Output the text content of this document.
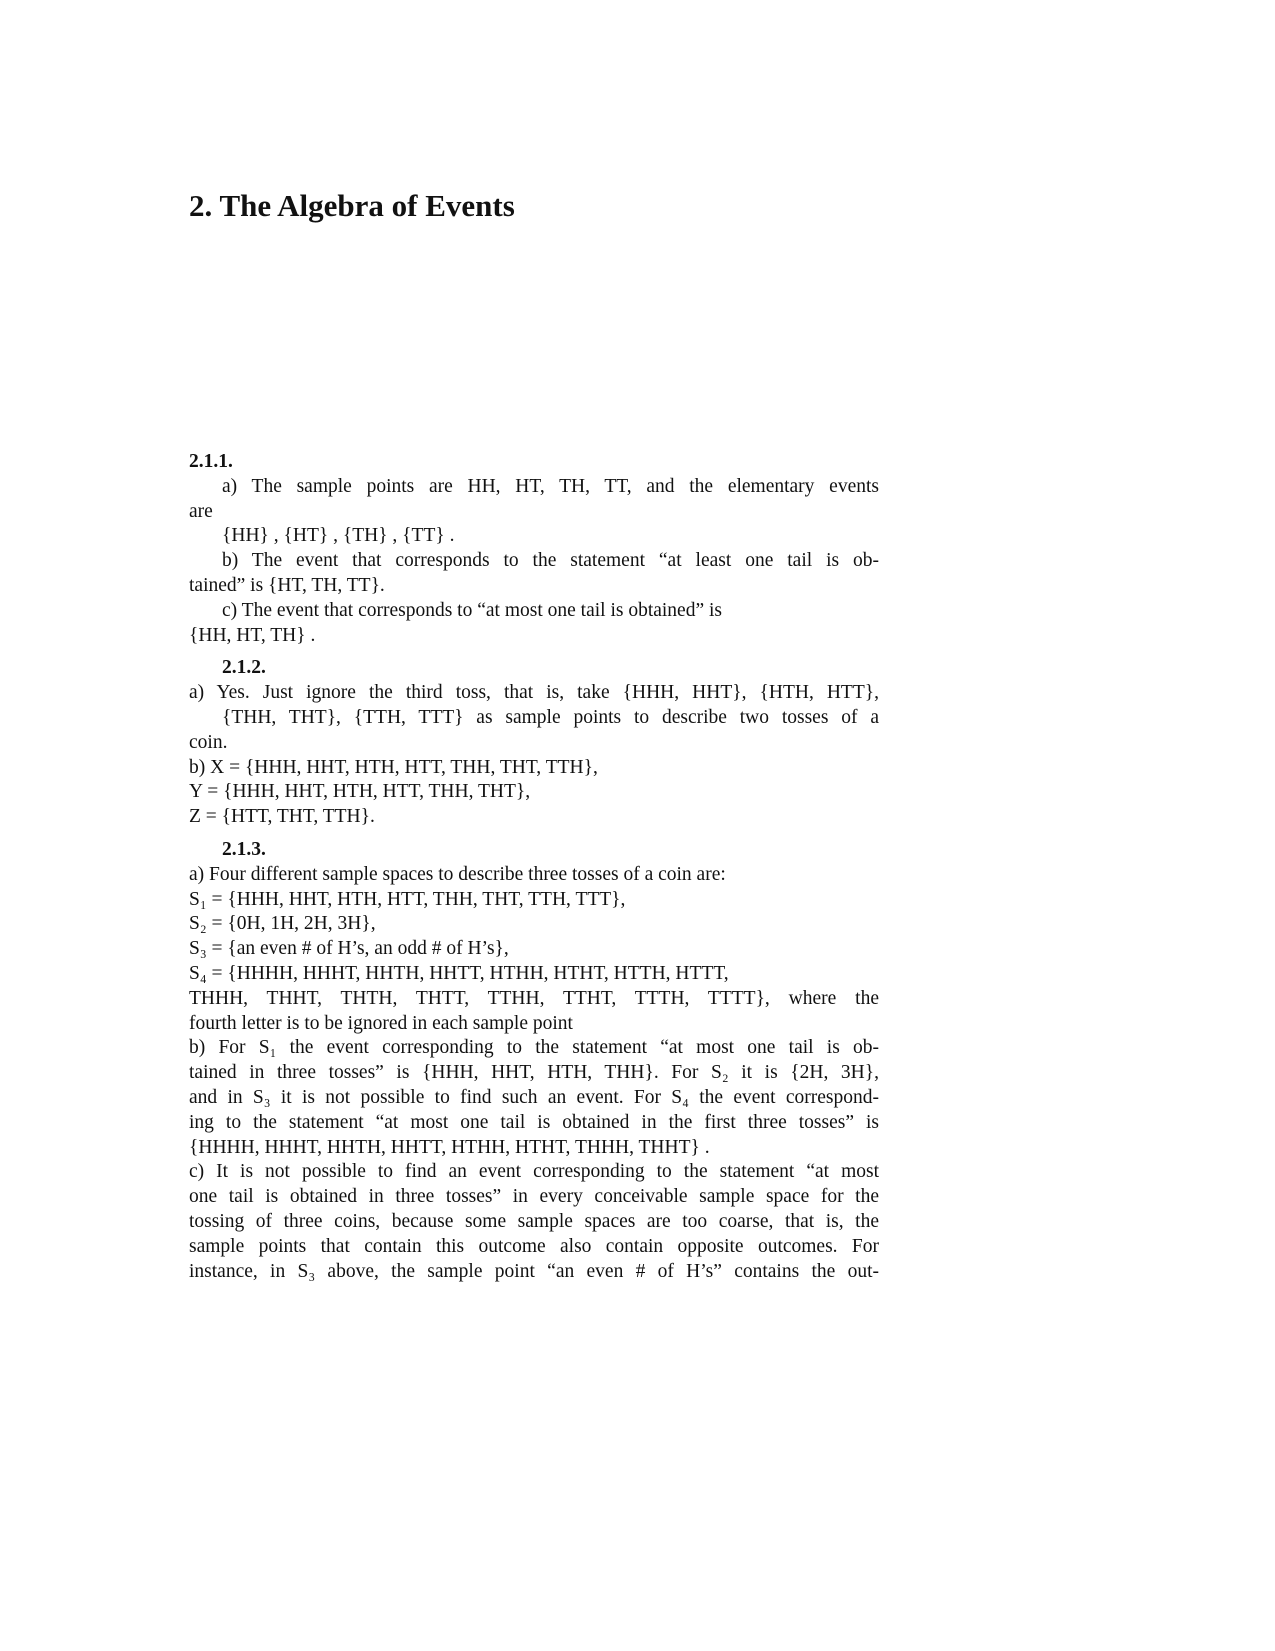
2. The Algebra of Events
2.1.1.
a) The sample points are HH, HT, TH, TT, and the elementary events
are
{HH} , {HT} , {TH} , {TT} .
b) The event that corresponds to the statement “at least one tail is ob-
tained” is {HT, TH, TT}.
c) The event that corresponds to “at most one tail is obtained” is
{HH, HT, TH} .
2.1.2.
a) Yes. Just ignore the third toss, that is, take {HHH, HHT}, {HTH, HTT},
{THH, THT}, {TTH, TTT} as sample points to describe two tosses of a
coin.
b) X = {HHH, HHT, HTH, HTT, THH, THT, TTH},
Y = {HHH, HHT, HTH, HTT, THH, THT},
Z = {HTT, THT, TTH}.
2.1.3.
a) Four different sample spaces to describe three tosses of a coin are:
S₁ = {HHH, HHT, HTH, HTT, THH, THT, TTH, TTT},
S₂ = {0H, 1H, 2H, 3H},
S₃ = {an even # of H’s, an odd # of H’s},
S₄ = {HHHH, HHHT, HHTH, HHTT, HTHH, HTHT, HTTH, HTTT,
THHH, THHT, THTH, THTT, TTHH, TTHT, TTTH, TTTT}, where the
fourth letter is to be ignored in each sample point
b) For S₁ the event corresponding to the statement “at most one tail is ob-
tained in three tosses” is {HHH, HHT, HTH, THH}. For S₂ it is {2H, 3H},
and in S₃ it is not possible to find such an event. For S₄ the event correspond-
ing to the statement “at most one tail is obtained in the first three tosses” is
{HHHH, HHHT, HHTH, HHTT, HTHH, HTHT, THHH, THHT} .
c) It is not possible to find an event corresponding to the statement “at most
one tail is obtained in three tosses” in every conceivable sample space for the
tossing of three coins, because some sample spaces are too coarse, that is, the
sample points that contain this outcome also contain opposite outcomes. For
instance, in S₃ above, the sample point “an even # of H’s” contains the out-
